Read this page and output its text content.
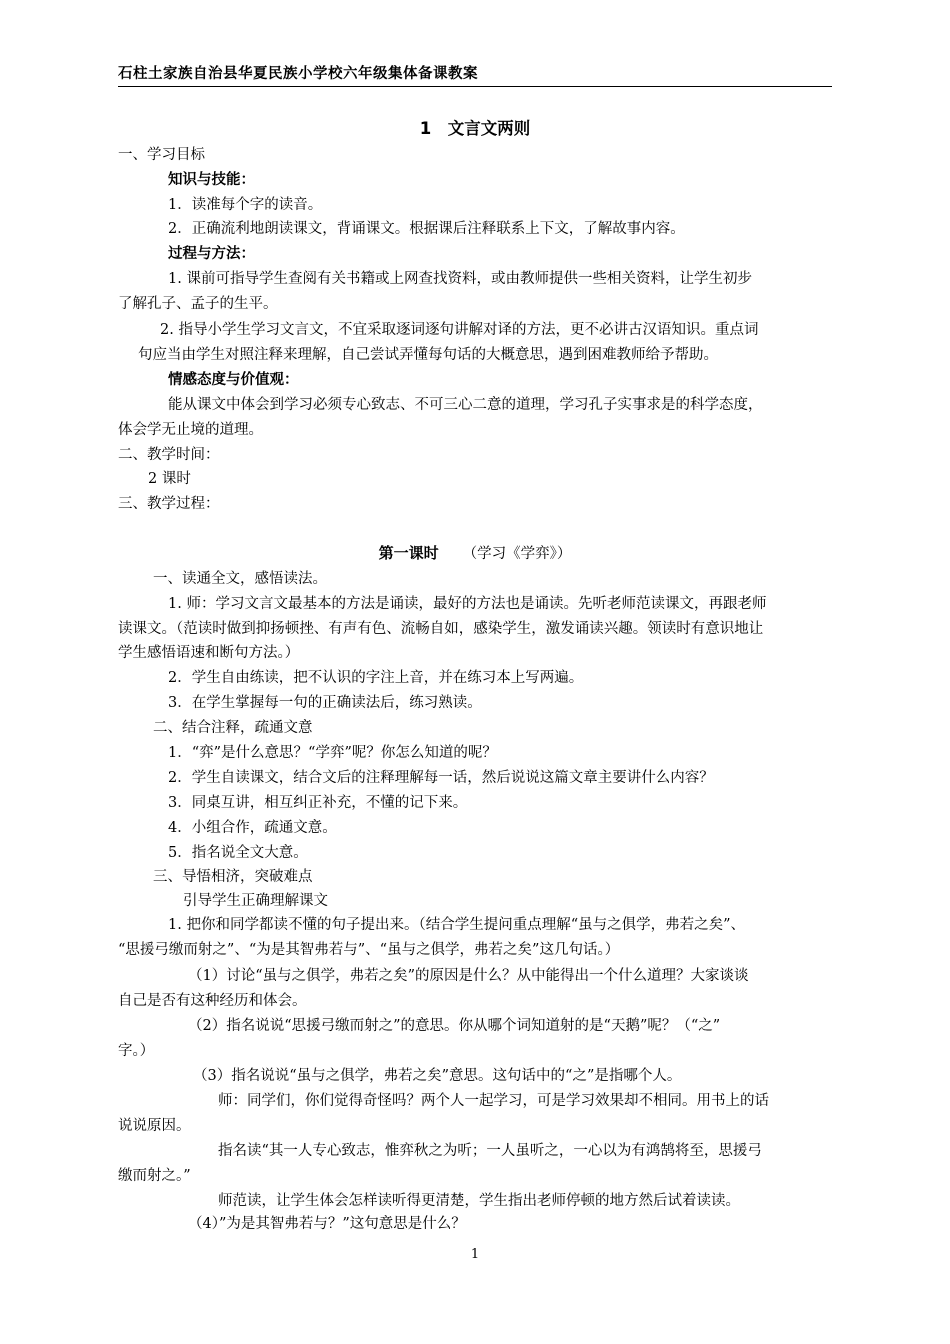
石柱土家族自治县华夏民族小学校六年级集体备课教案
1　文言文两则
一、学习目标
知识与技能：
1．读准每个字的读音。
2．正确流利地朗读课文，背诵课文。根据课后注释联系上下文，了解故事内容。
过程与方法：
1. 课前可指导学生查阅有关书籍或上网查找资料，或由教师提供一些相关资料，让学生初步
了解孔子、孟子的生平。
2. 指导小学生学习文言文，不宜采取逐词逐句讲解对译的方法，更不必讲古汉语知识。重点词
句应当由学生对照注释来理解，自己尝试弄懂每句话的大概意思，遇到困难教师给予帮助。
情感态度与价值观：
能从课文中体会到学习必须专心致志、不可三心二意的道理，学习孔子实事求是的科学态度，
体会学无止境的道理。
二、教学时间：
2 课时
三、教学过程：
第一课时 （学习《学弈》）
一、读通全文，感悟读法。
1. 师：学习文言文最基本的方法是诵读，最好的方法也是诵读。先听老师范读课文，再跟老师
读课文。（范读时做到抑扬顿挫、有声有色、流畅自如，感染学生，激发诵读兴趣。领读时有意识地让
学生感悟语速和断句方法。）
2．学生自由练读，把不认识的字注上音，并在练习本上写两遍。
3．在学生掌握每一句的正确读法后，练习熟读。
二、结合注释，疏通文意
1．“弈”是什么意思？“学弈”呢？你怎么知道的呢？
2．学生自读课文，结合文后的注释理解每一话，然后说说这篇文章主要讲什么内容？
3．同桌互讲，相互纠正补充，不懂的记下来。
4．小组合作，疏通文意。
5．指名说全文大意。
三、导悟相济，突破难点
引导学生正确理解课文
1. 把你和同学都读不懂的句子提出来。（结合学生提问重点理解“虽与之俱学，弗若之矣”、
“思援弓缴而射之”、“为是其智弗若与”、“虽与之俱学，弗若之矣”这几句话。）
（1）讨论“虽与之俱学，弗若之矣”的原因是什么？从中能得出一个什么道理？大家谈谈
自己是否有这种经历和体会。
（2）指名说说“思援弓缴而射之”的意思。你从哪个词知道射的是“天鹅”呢？（“之”
字。）
（3）指名说说“虽与之俱学，弗若之矣”意思。这句话中的“之”是指哪个人。
师：同学们，你们觉得奇怪吗？两个人一起学习，可是学习效果却不相同。用书上的话
说说原因。
指名读“其一人专心致志，惟弈秋之为听；一人虽听之，一心以为有鸿鹄将至，思援弓
缴而射之。”
师范读，让学生体会怎样读听得更清楚，学生指出老师停顿的地方然后试着读读。
（4）”为是其智弗若与？”这句意思是什么？
1
